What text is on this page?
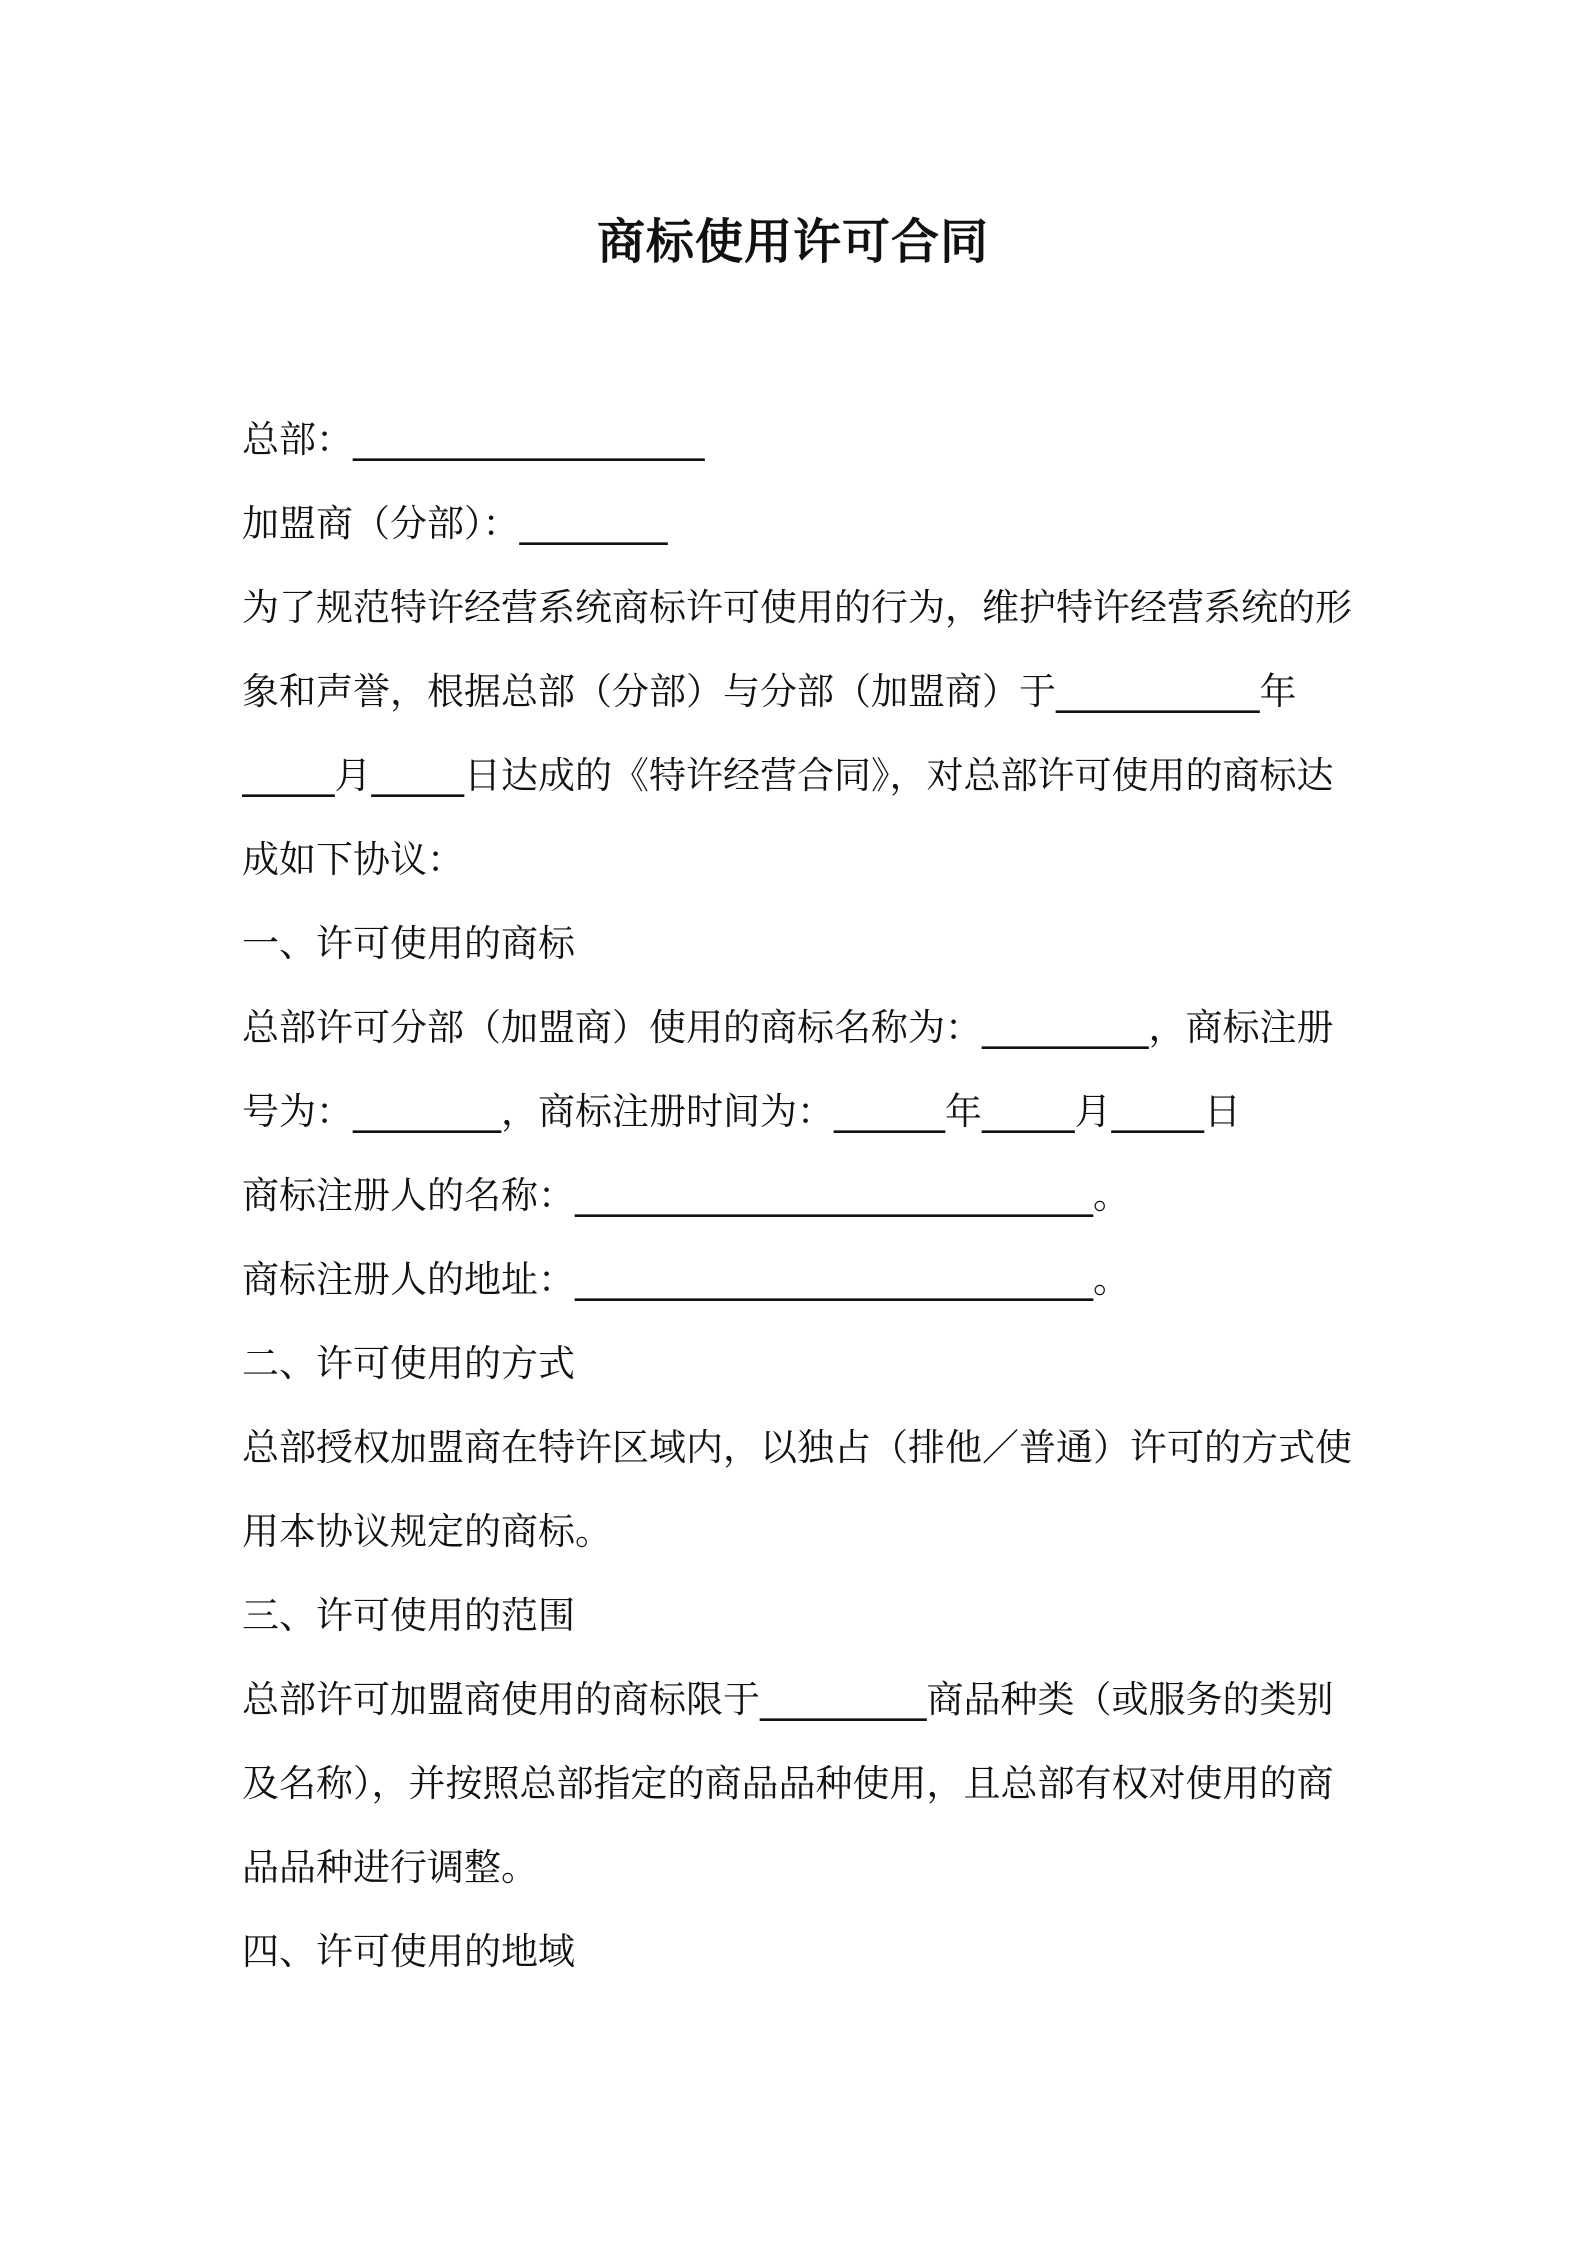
商标使用许可合同
总部：___________________
加盟商（分部）：________
为了规范特许经营系统商标许可使用的行为，维护特许经营系统的形
象和声誉，根据总部（分部）与分部（加盟商）于___________年
_____月_____日达成的《特许经营合同》，对总部许可使用的商标达
成如下协议：
一、许可使用的商标
总部许可分部（加盟商）使用的商标名称为：_________，商标注册
号为：________，商标注册时间为：______年_____月_____日
商标注册人的名称：____________________________。
商标注册人的地址：____________________________。
二、许可使用的方式
总部授权加盟商在特许区域内，以独占（排他／普通）许可的方式使
用本协议规定的商标。
三、许可使用的范围
总部许可加盟商使用的商标限于_________商品种类（或服务的类别
及名称），并按照总部指定的商品品种使用，且总部有权对使用的商
品品种进行调整。
四、许可使用的地域
